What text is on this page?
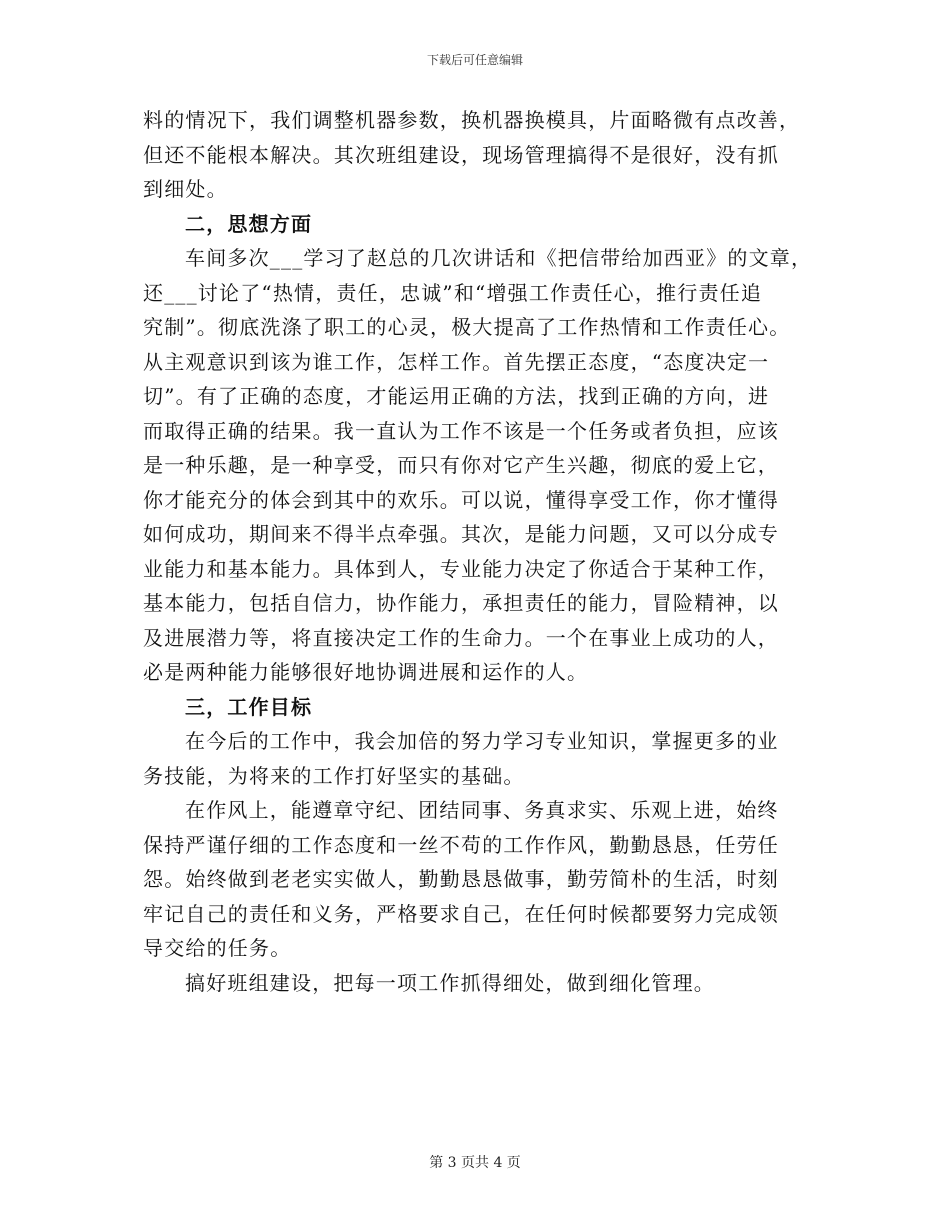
下载后可任意编辑
料的情况下，我们调整机器参数，换机器换模具，片面略微有点改善，
但还不能根本解决。其次班组建设，现场管理搞得不是很好，没有抓
到细处。
二，思想方面
车间多次___学习了赵总的几次讲话和《把信带给加西亚》的文章，
还___讨论了“热情，责任，忠诚”和“增强工作责任心，推行责任追
究制”。彻底洗涤了职工的心灵，极大提高了工作热情和工作责任心。
从主观意识到该为谁工作，怎样工作。首先摆正态度，“态度决定一
切”。有了正确的态度，才能运用正确的方法，找到正确的方向，进
而取得正确的结果。我一直认为工作不该是一个任务或者负担，应该
是一种乐趣，是一种享受，而只有你对它产生兴趣，彻底的爱上它，
你才能充分的体会到其中的欢乐。可以说，懂得享受工作，你才懂得
如何成功，期间来不得半点牵强。其次，是能力问题，又可以分成专
业能力和基本能力。具体到人，专业能力决定了你适合于某种工作，
基本能力，包括自信力，协作能力，承担责任的能力，冒险精神，以
及进展潜力等，将直接决定工作的生命力。一个在事业上成功的人，
必是两种能力能够很好地协调进展和运作的人。
三，工作目标
在今后的工作中，我会加倍的努力学习专业知识，掌握更多的业
务技能，为将来的工作打好坚实的基础。
在作风上，能遵章守纪、团结同事、务真求实、乐观上进，始终
保持严谨仔细的工作态度和一丝不苟的工作作风，勤勤恳恳，任劳任
怨。始终做到老老实实做人，勤勤恳恳做事，勤劳简朴的生活，时刻
牢记自己的责任和义务，严格要求自己，在任何时候都要努力完成领
导交给的任务。
搞好班组建设，把每一项工作抓得细处，做到细化管理。
第 3 页共 4 页
